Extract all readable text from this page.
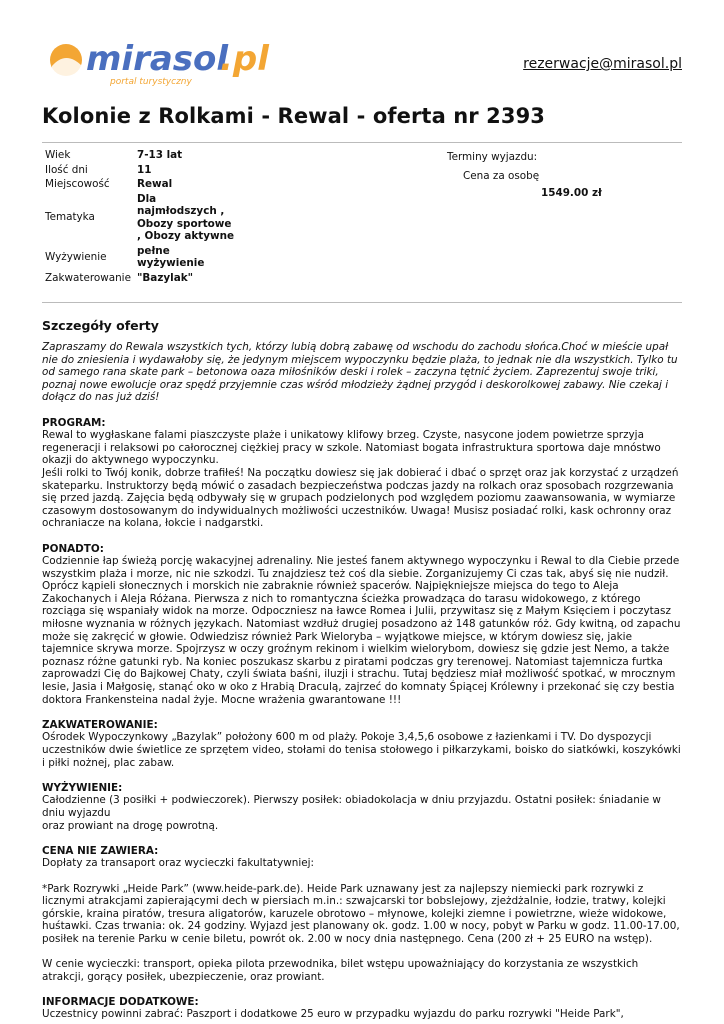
mirasol
.pl
portal turystyczny
rezerwacje@mirasol.pl
Kolonie z Rolkami - Rewal - oferta nr 2393
Wiek	7-13 lat
Ilość dni	11
Miejscowość	Rewal
Tematyka	Dla najmłodszych , Obozy sportowe , Obozy aktywne
Wyżywienie	pełne wyżywienie
Zakwaterowanie	"Bazylak"
Terminy wyjazdu:
Cena za osobę
1549.00 zł
Szczegóły oferty

Zapraszamy do Rewala wszystkich tych, którzy lubią dobrą zabawę od wschodu do zachodu słońca.Choć w mieście upał nie do zniesienia i wydawałoby się, że jedynym miejscem wypoczynku będzie plaża, to jednak nie dla wszystkich. Tylko tu od samego rana skate park – betonowa oaza miłośników deski i rolek – zaczyna tętnić życiem. Zaprezentuj swoje triki, poznaj nowe ewolucje oraz spędź przyjemnie czas wśród młodzieży żądnej przygód i deskorolkowej zabawy. Nie czekaj i dołącz do nas już dziś!

PROGRAM:
Rewal to wygłaskane falami piaszczyste plaże i unikatowy klifowy brzeg. Czyste, nasycone jodem powietrze sprzyja regeneracji i relaksowi po całorocznej ciężkiej pracy w szkole. Natomiast bogata infrastruktura sportowa daje mnóstwo okazji do aktywnego wypoczynku.

Jeśli rolki to Twój konik, dobrze trafiłeś! Na początku dowiesz się jak dobierać i dbać o sprzęt oraz jak korzystać z urządzeń skateparku. Instruktorzy będą mówić o zasadach bezpieczeństwa podczas jazdy na rolkach oraz sposobach rozgrzewania się przed jazdą. Zajęcia będą odbywały się w grupach podzielonych pod względem poziomu zaawansowania, w wymiarze czasowym dostosowanym do indywidualnych możliwości uczestników. Uwaga! Musisz posiadać rolki, kask ochronny oraz ochraniacze na kolana, łokcie i nadgarstki.

PONADTO:

Codziennie łap świeżą porcję wakacyjnej adrenaliny. Nie jesteś fanem aktywnego wypoczynku i Rewal to dla Ciebie przede wszystkim plaża i morze, nic nie szkodzi. Tu znajdziesz też coś dla siebie. Zorganizujemy Ci czas tak, abyś się nie nudził. Oprócz kąpieli słonecznych i morskich nie zabraknie również spacerów. Najpiękniejsze miejsca do tego to Aleja Zakochanych i Aleja Różana. Pierwsza z nich to romantyczna ścieżka prowadząca do tarasu widokowego, z którego rozciąga się wspaniały widok na morze. Odpoczniesz na ławce Romea i Julii, przywitasz się z Małym Księciem i poczytasz miłosne wyznania w różnych językach. Natomiast wzdłuż drugiej posadzono aż 148 gatunków róż. Gdy kwitną, od zapachu może się zakręcić w głowie. Odwiedzisz również Park Wieloryba – wyjątkowe miejsce, w którym dowiesz się, jakie tajemnice skrywa morze. Spojrzysz w oczy groźnym rekinom i wielkim wielorybom, dowiesz się gdzie jest Nemo, a także poznasz różne gatunki ryb. Na koniec poszukasz skarbu z piratami podczas gry terenowej. Natomiast tajemnicza furtka zaprowadzi Cię do Bajkowej Chaty, czyli świata baśni, iluzji i strachu. Tutaj będziesz miał możliwość spotkać, w mrocznym lesie, Jasia i Małgosię, stanąć oko w oko z Hrabią Draculą, zajrzeć do komnaty Śpiącej Królewny i przekonać się czy bestia doktora Frankensteina nadal żyje. Mocne wrażenia gwarantowane !!!

ZAKWATEROWANIE:

Ośrodek Wypoczynkowy „Bazylak” położony 600 m od plaży. Pokoje 3,4,5,6 osobowe z łazienkami i TV. Do dyspozycji uczestników dwie świetlice ze sprzętem video, stołami do tenisa stołowego i piłkarzykami, boisko do siatkówki, koszykówki i piłki nożnej, plac zabaw.

WYŻYWIENIE:
Całodzienne (3 posiłki + podwieczorek). Pierwszy posiłek: obiadokolacja w dniu przyjazdu. Ostatni posiłek: śniadanie w dniu wyjazdu

oraz prowiant na drogę powrotną.

CENA NIE ZAWIERA:

Dopłaty za transaport oraz wycieczki fakultatywniej:

*Park Rozrywki „Heide Park” (www.heide-park.de). Heide Park uznawany jest za najlepszy niemiecki park rozrywki z licznymi atrakcjami zapierającymi dech w piersiach m.in.: szwajcarski tor bobslejowy, zjeżdżalnie, łodzie, tratwy, kolejki górskie, kraina piratów, tresura aligatorów, karuzele obrotowo – młynowe, kolejki ziemne i powietrzne, wieże widokowe, huśtawki. Czas trwania: ok. 24 godziny. Wyjazd jest planowany ok. godz. 1.00 w nocy, pobyt w Parku w godz. 11.00-17.00, posiłek na terenie Parku w cenie biletu, powrót ok. 2.00 w nocy dnia następnego. Cena (200 zł + 25 EURO na wstęp).

W cenie wycieczki: transport, opieka pilota przewodnika, bilet wstępu upoważniający do korzystania ze wszystkich atrakcji, gorący posiłek, ubezpieczenie, oraz prowiant.

INFORMACJE DODATKOWE:
Uczestnicy powinni zabrać: Paszport i dodatkowe 25 euro w przypadku wyjazdu do parku rozrywki "Heide Park",
